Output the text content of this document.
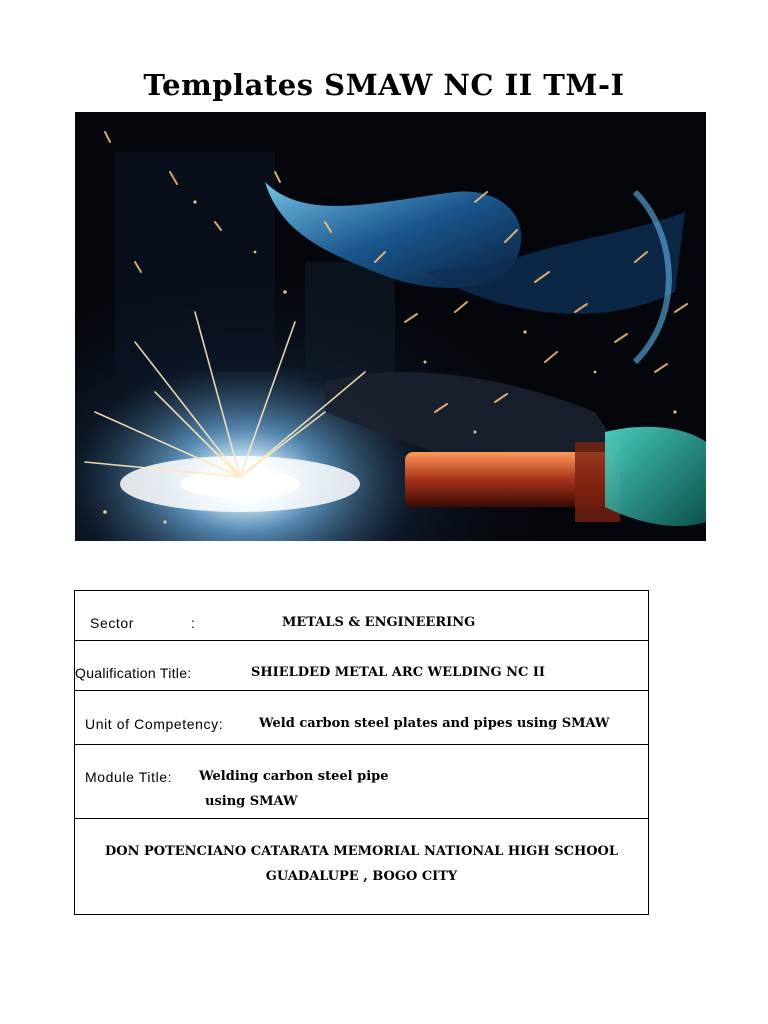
Templates SMAW NC II TM-I
Sector	:	METALS & ENGINEERING
Qualification Title:	SHIELDED METAL ARC WELDING NC II
Unit of Competency:	Weld carbon steel plates and pipes using SMAW
Module Title: Welding carbon steel pipe
using SMAW
DON POTENCIANO CATARATA MEMORIAL NATIONAL HIGH SCHOOL
GUADALUPE , BOGO CITY
